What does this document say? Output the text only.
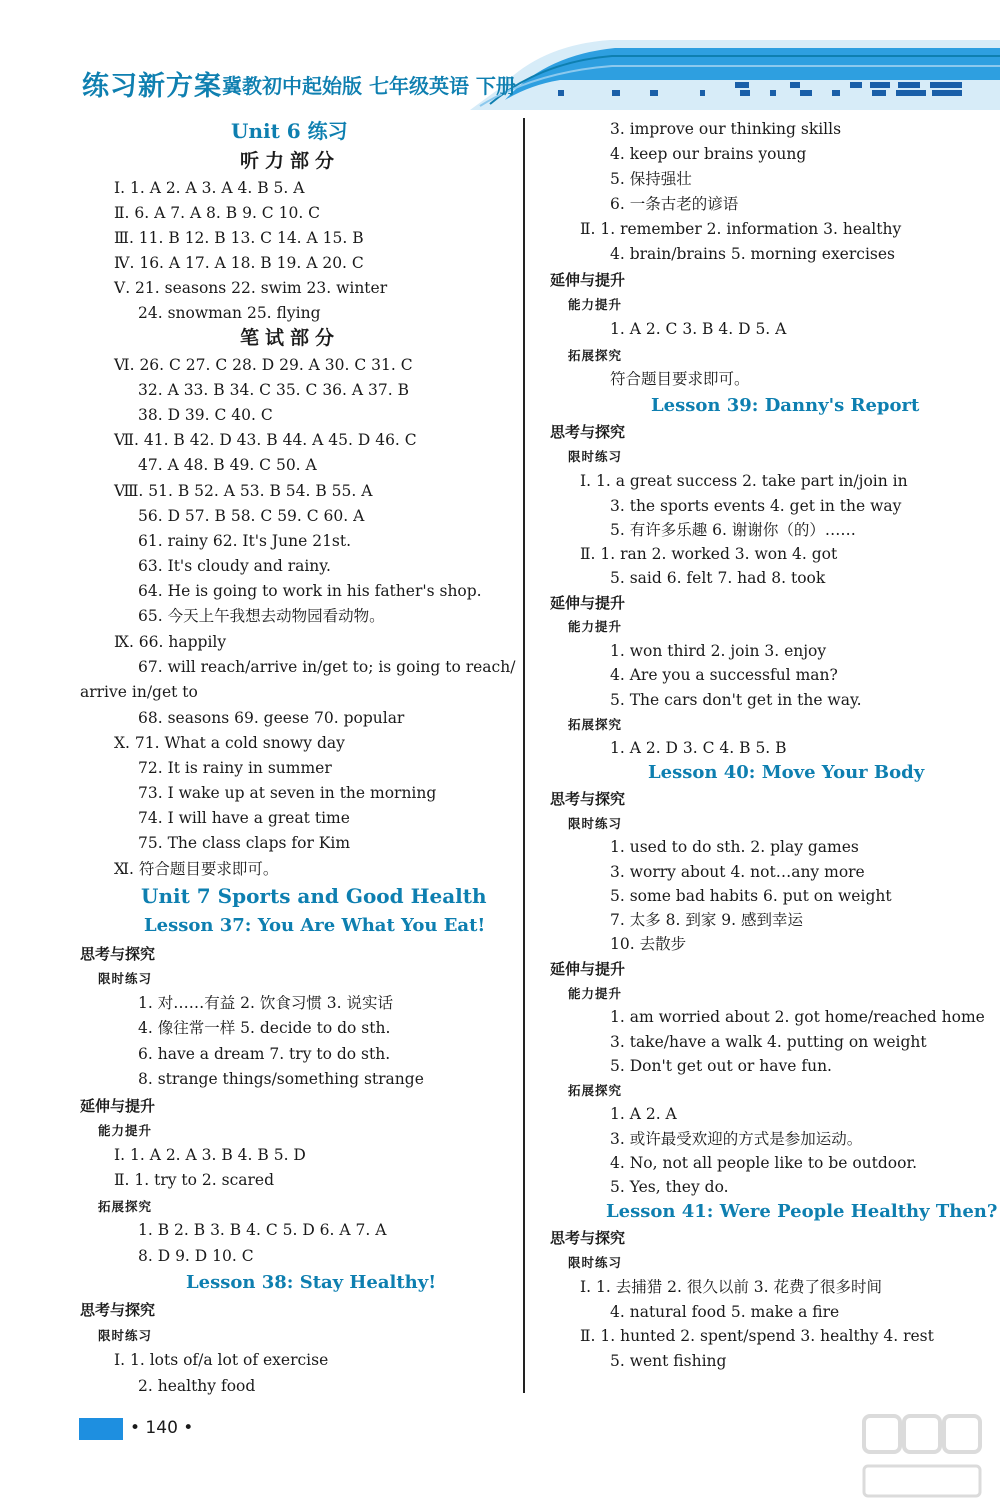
练习新方案 冀教初中起始版 七年级英语 下册
Unit 6 练习
听力部分
Ⅰ. 1. A 2. A 3. A 4. B 5. A
Ⅱ. 6. A 7. A 8. B 9. C 10. C
Ⅲ. 11. B 12. B 13. C 14. A 15. B
Ⅳ. 16. A 17. A 18. B 19. A 20. C
Ⅴ. 21. seasons 22. swim 23. winter
24. snowman 25. flying
笔试部分
Ⅵ. 26. C 27. C 28. D 29. A 30. C 31. C
32. A 33. B 34. C 35. C 36. A 37. B
38. D 39. C 40. C
Ⅶ. 41. B 42. D 43. B 44. A 45. D 46. C
47. A 48. B 49. C 50. A
Ⅷ. 51. B 52. A 53. B 54. B 55. A
56. D 57. B 58. C 59. C 60. A
61. rainy 62. It's June 21st.
63. It's cloudy and rainy.
64. He is going to work in his father's shop.
65. 今天上午我想去动物园看动物。
Ⅸ. 66. happily
67. will reach/arrive in/get to; is going to reach/
arrive in/get to
68. seasons 69. geese 70. popular
Ⅹ. 71. What a cold snowy day
72. It is rainy in summer
73. I wake up at seven in the morning
74. I will have a great time
75. The class claps for Kim
Ⅺ. 符合题目要求即可。
Unit 7 Sports and Good Health
Lesson 37: You Are What You Eat!
思考与探究
限时练习
1. 对……有益 2. 饮食习惯 3. 说实话
4. 像往常一样 5. decide to do sth.
6. have a dream 7. try to do sth.
8. strange things/something strange
延伸与提升
能力提升
Ⅰ. 1. A 2. A 3. B 4. B 5. D
Ⅱ. 1. try to 2. scared
拓展探究
1. B 2. B 3. B 4. C 5. D 6. A 7. A
8. D 9. D 10. C
Lesson 38: Stay Healthy!
思考与探究
限时练习
Ⅰ. 1. lots of/a lot of exercise
2. healthy food
3. improve our thinking skills
4. keep our brains young
5. 保持强壮
6. 一条古老的谚语
Ⅱ. 1. remember 2. information 3. healthy
4. brain/brains 5. morning exercises
延伸与提升
能力提升
1. A 2. C 3. B 4. D 5. A
拓展探究
符合题目要求即可。
Lesson 39: Danny's Report
思考与探究
限时练习
Ⅰ. 1. a great success 2. take part in/join in
3. the sports events 4. get in the way
5. 有许多乐趣 6. 谢谢你（的）……
Ⅱ. 1. ran 2. worked 3. won 4. got
5. said 6. felt 7. had 8. took
延伸与提升
能力提升
1. won third 2. join 3. enjoy
4. Are you a successful man?
5. The cars don't get in the way.
拓展探究
1. A 2. D 3. C 4. B 5. B
Lesson 40: Move Your Body
思考与探究
限时练习
1. used to do sth. 2. play games
3. worry about 4. not…any more
5. some bad habits 6. put on weight
7. 太多 8. 到家 9. 感到幸运
10. 去散步
延伸与提升
能力提升
1. am worried about 2. got home/reached home
3. take/have a walk 4. putting on weight
5. Don't get out or have fun.
拓展探究
1. A 2. A
3. 或许最受欢迎的方式是参加运动。
4. No, not all people like to be outdoor.
5. Yes, they do.
Lesson 41: Were People Healthy Then?
思考与探究
限时练习
Ⅰ. 1. 去捕猎 2. 很久以前 3. 花费了很多时间
4. natural food 5. make a fire
Ⅱ. 1. hunted 2. spent/spend 3. healthy 4. rest
5. went fishing
• 140 •
